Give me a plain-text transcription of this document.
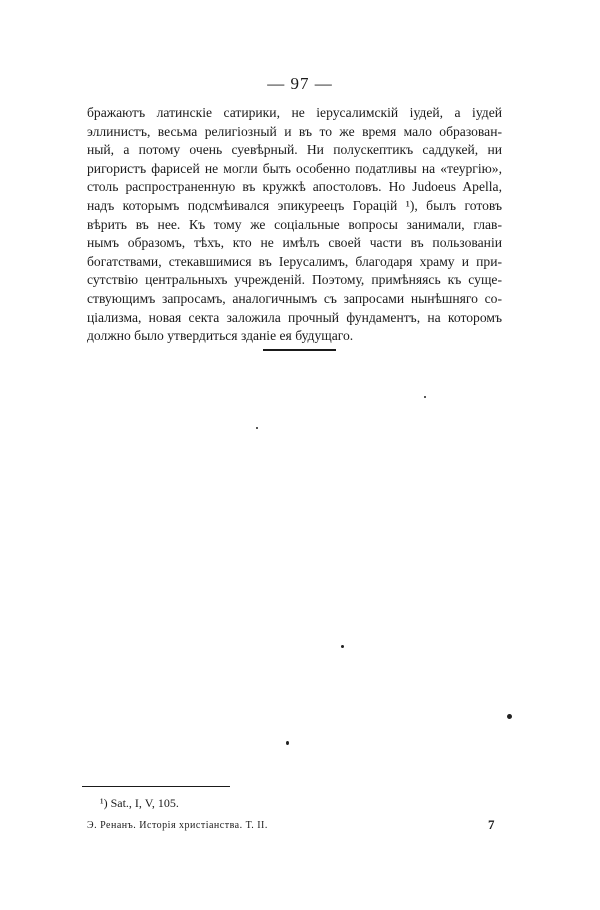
— 97 —
бражаютъ латинскіе сатирики, не іерусалимскій іудей, а іудей
эллинистъ, весьма религіозный и въ то же время мало образован-
ный, а потому очень суевѣрный. Ни полускептикъ саддукей, ни
ригористъ фарисей не могли быть особенно податливы на «теургію»,
столь распространенную въ кружкѣ апостоловъ. Но Judoeus Apella,
надъ которымъ подсмѣивался эпикуреецъ Горацій ¹), былъ готовъ
вѣрить въ нее. Къ тому же соціальные вопросы занимали, глав-
нымъ образомъ, тѣхъ, кто не имѣлъ своей части въ пользованіи
богатствами, стекавшимися въ Іерусалимъ, благодаря храму и при-
сутствію центральныхъ учрежденій. Поэтому, примѣняясь къ суще-
ствующимъ запросамъ, аналогичнымъ съ запросами нынѣшняго со-
ціализма, новая секта заложила прочный фундаментъ, на которомъ
должно было утвердиться зданіе ея будущаго.
¹) Sat., I, V, 105.
Э. Ренанъ. Исторія христіанства. Т. II.	7
